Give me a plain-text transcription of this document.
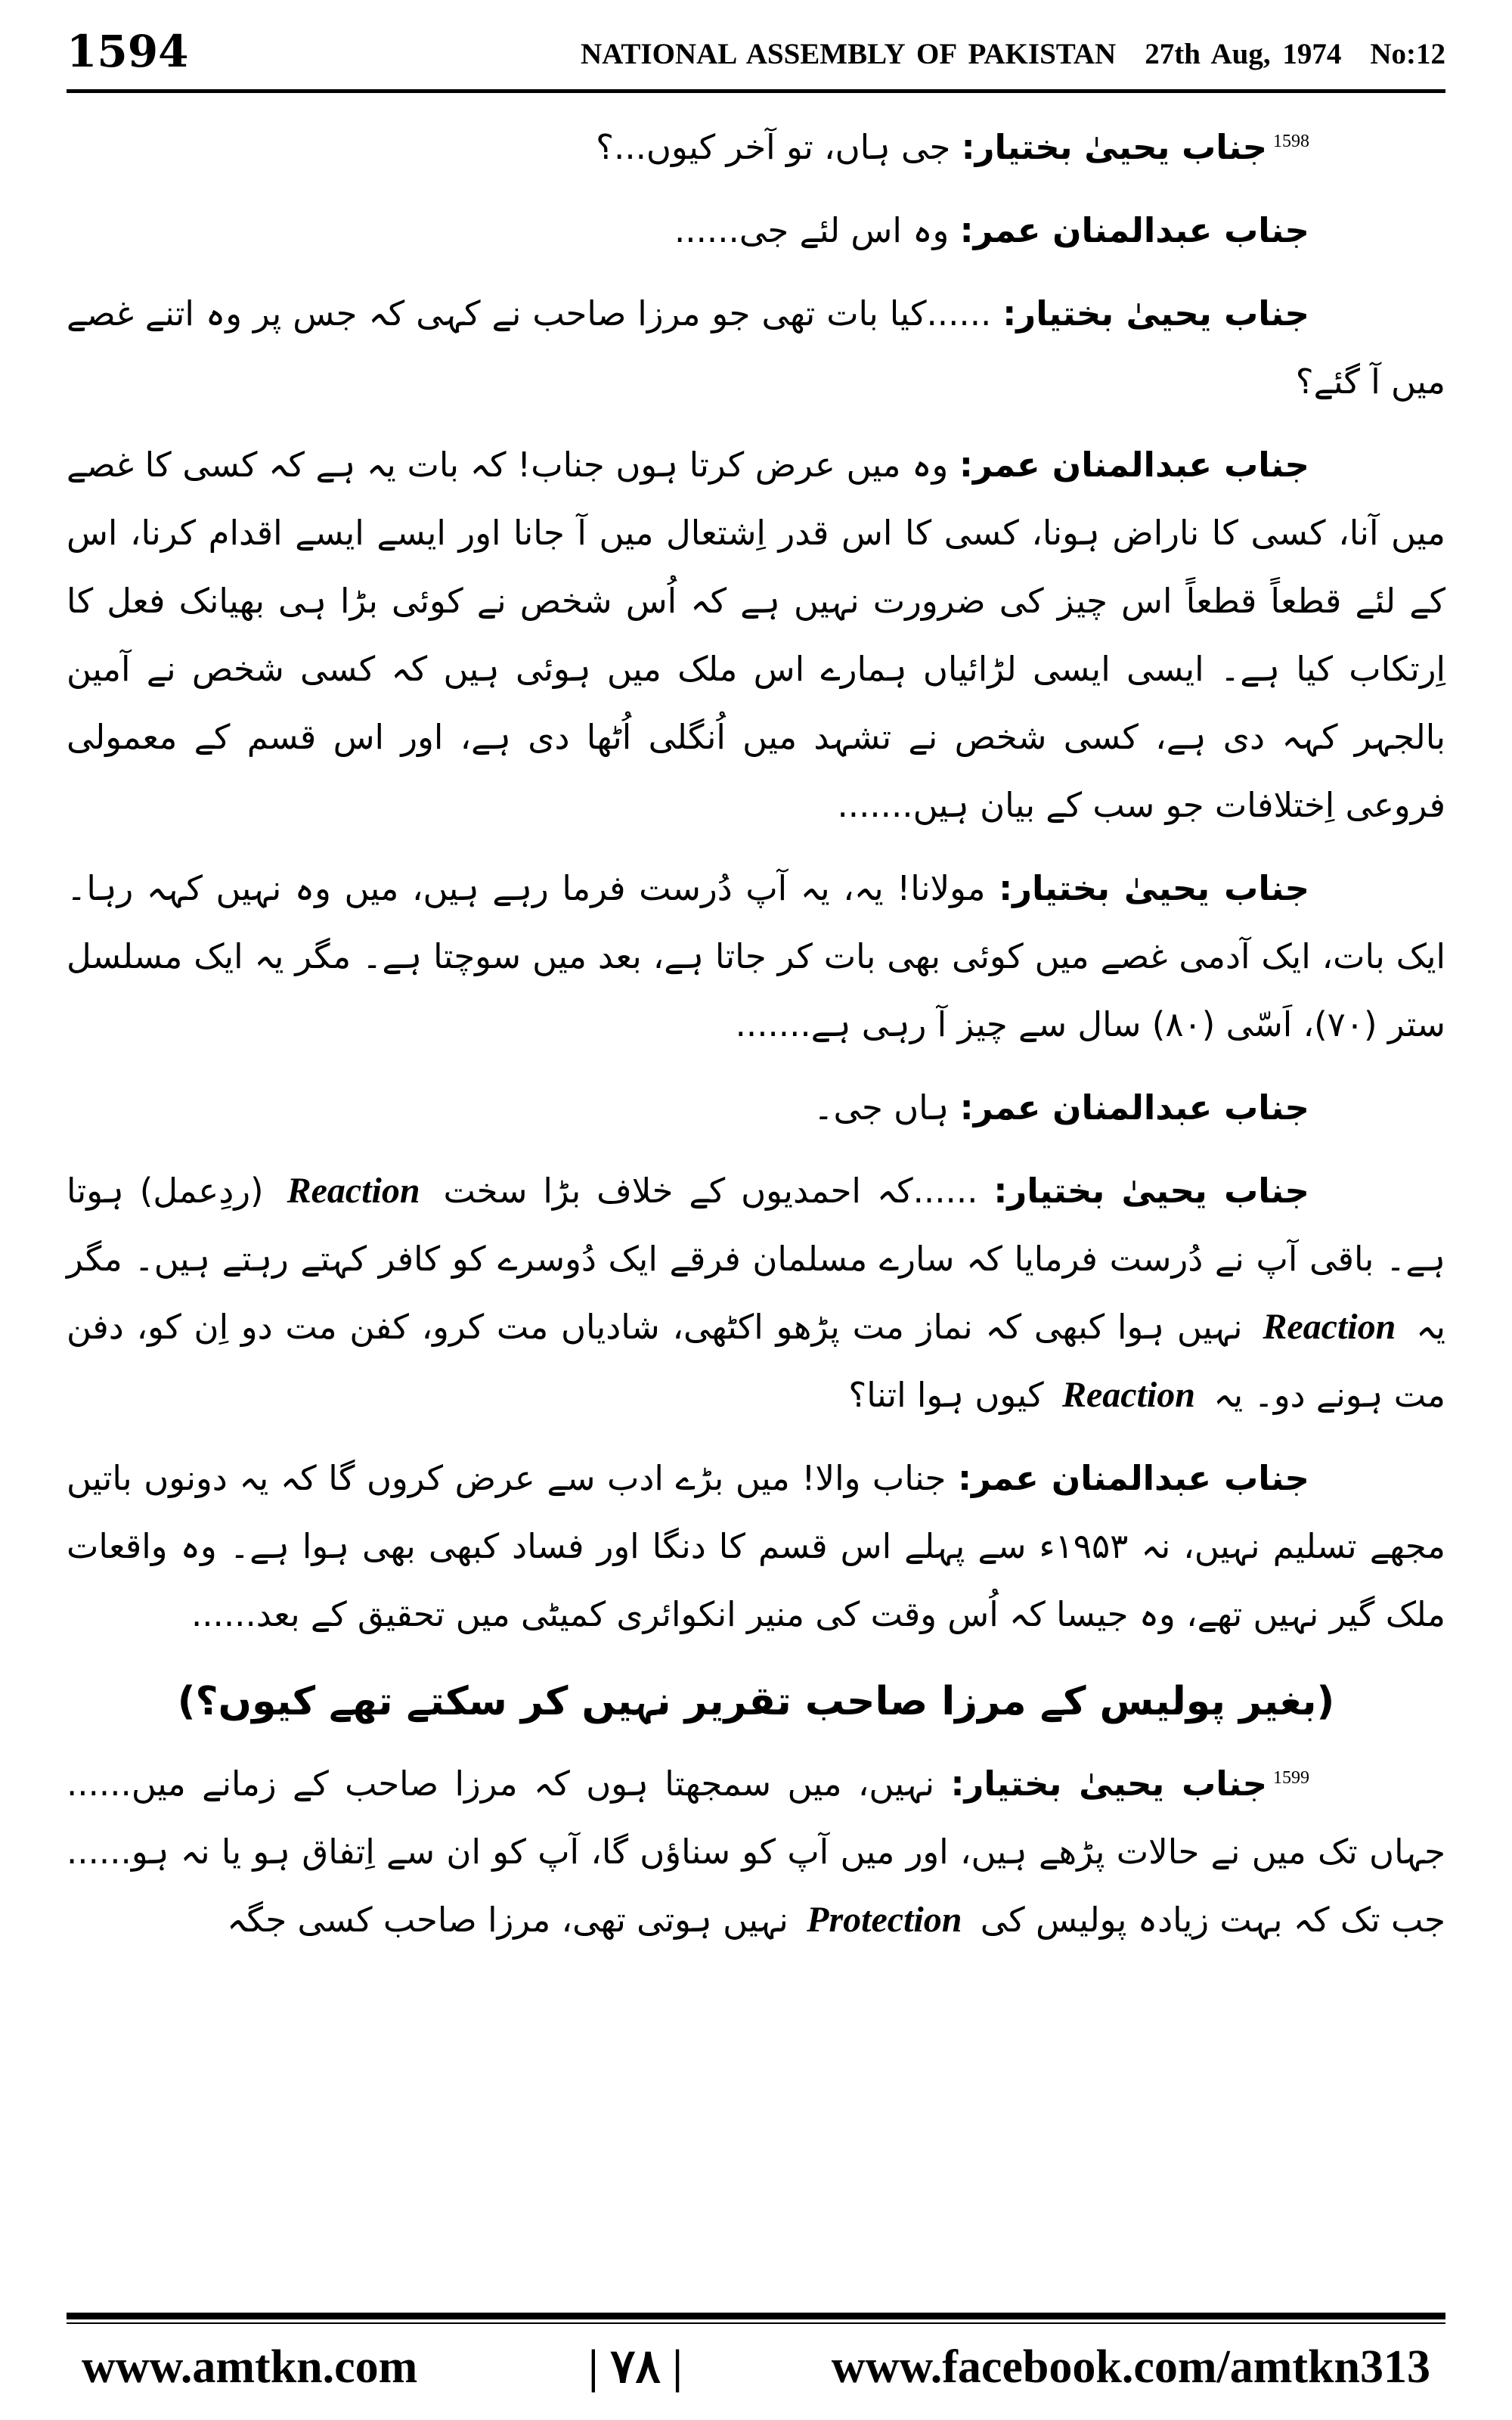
1594	NATIONAL ASSEMBLY OF PAKISTAN 27th Aug, 1974 No:12

$^{1598}$جناب یحییٰ بختیار: جی ہاں، تو آخر کیوں...؟

جناب عبدالمنان عمر: وہ اس لئے جی......

جناب یحییٰ بختیار: ......کیا بات تھی جو مرزا صاحب نے کہی کہ جس پر وہ اتنے غصے میں آ گئے؟

جناب عبدالمنان عمر: وہ میں عرض کرتا ہوں جناب! کہ بات یہ ہے کہ کسی کا غصے میں آنا، کسی کا ناراض ہونا، کسی کا اس قدر اِشتعال میں آ جانا اور ایسے ایسے اقدام کرنا، اس کے لئے قطعاً قطعاً اس چیز کی ضرورت نہیں ہے کہ اُس شخص نے کوئی بڑا ہی بھیانک فعل کا اِرتکاب کیا ہے۔ ایسی ایسی لڑائیاں ہمارے اس ملک میں ہوئی ہیں کہ کسی شخص نے آمین بالجہر کہہ دی ہے، کسی شخص نے تشہد میں اُنگلی اُٹھا دی ہے، اور اس قسم کے معمولی فروعی اِختلافات جو سب کے بیان ہیں.......

جناب یحییٰ بختیار: مولانا! یہ، یہ آپ دُرست فرما رہے ہیں، میں وہ نہیں کہہ رہا۔ ایک بات، ایک آدمی غصے میں کوئی بھی بات کر جاتا ہے، بعد میں سوچتا ہے۔ مگر یہ ایک مسلسل ستر (۷۰)، اَسّی (۸۰) سال سے چیز آ رہی ہے.......

جناب عبدالمنان عمر: ہاں جی۔

جناب یحییٰ بختیار: ......کہ احمدیوں کے خلاف بڑا سخت Reaction (ردِعمل) ہوتا ہے۔ باقی آپ نے دُرست فرمایا کہ سارے مسلمان فرقے ایک دُوسرے کو کافر کہتے رہتے ہیں۔ مگر یہ Reaction نہیں ہوا کبھی کہ نماز مت پڑھو اکٹھی، شادیاں مت کرو، کفن مت دو اِن کو، دفن مت ہونے دو۔ یہ Reaction کیوں ہوا اتنا؟

جناب عبدالمنان عمر: جناب والا! میں بڑے ادب سے عرض کروں گا کہ یہ دونوں باتیں مجھے تسلیم نہیں، نہ ۱۹۵۳ء سے پہلے اس قسم کا دنگا اور فساد کبھی بھی ہوا ہے۔ وہ واقعات ملک گیر نہیں تھے، وہ جیسا کہ اُس وقت کی منیر انکوائری کمیٹی میں تحقیق کے بعد......

(بغیر پولیس کے مرزا صاحب تقریر نہیں کر سکتے تھے کیوں؟)

$^{1599}$جناب یحییٰ بختیار: نہیں، میں سمجھتا ہوں کہ مرزا صاحب کے زمانے میں...... جہاں تک میں نے حالات پڑھے ہیں، اور میں آپ کو سناؤں گا، آپ کو ان سے اِتفاق ہو یا نہ ہو...... جب تک کہ بہت زیادہ پولیس کی Protection نہیں ہوتی تھی، مرزا صاحب کسی جگہ

www.amtkn.com	| ۷۸ |	www.facebook.com/amtkn313
